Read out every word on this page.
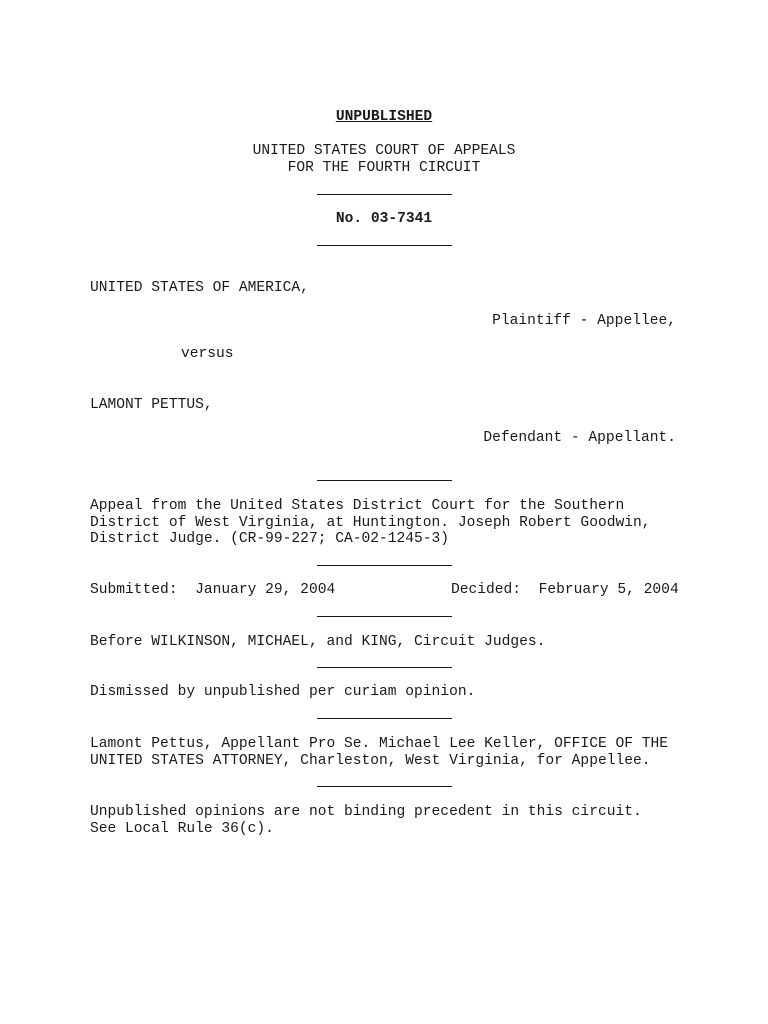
UNPUBLISHED
UNITED STATES COURT OF APPEALS
FOR THE FOURTH CIRCUIT
No. 03-7341
UNITED STATES OF AMERICA,
Plaintiff - Appellee,
versus
LAMONT PETTUS,
Defendant - Appellant.
Appeal from the United States District Court for the Southern
District of West Virginia, at Huntington. Joseph Robert Goodwin,
District Judge. (CR-99-227; CA-02-1245-3)
Submitted:  January 29, 2004	Decided:  February 5, 2004
Before WILKINSON, MICHAEL, and KING, Circuit Judges.
Dismissed by unpublished per curiam opinion.
Lamont Pettus, Appellant Pro Se. Michael Lee Keller, OFFICE OF THE
UNITED STATES ATTORNEY, Charleston, West Virginia, for Appellee.
Unpublished opinions are not binding precedent in this circuit.
See Local Rule 36(c).
